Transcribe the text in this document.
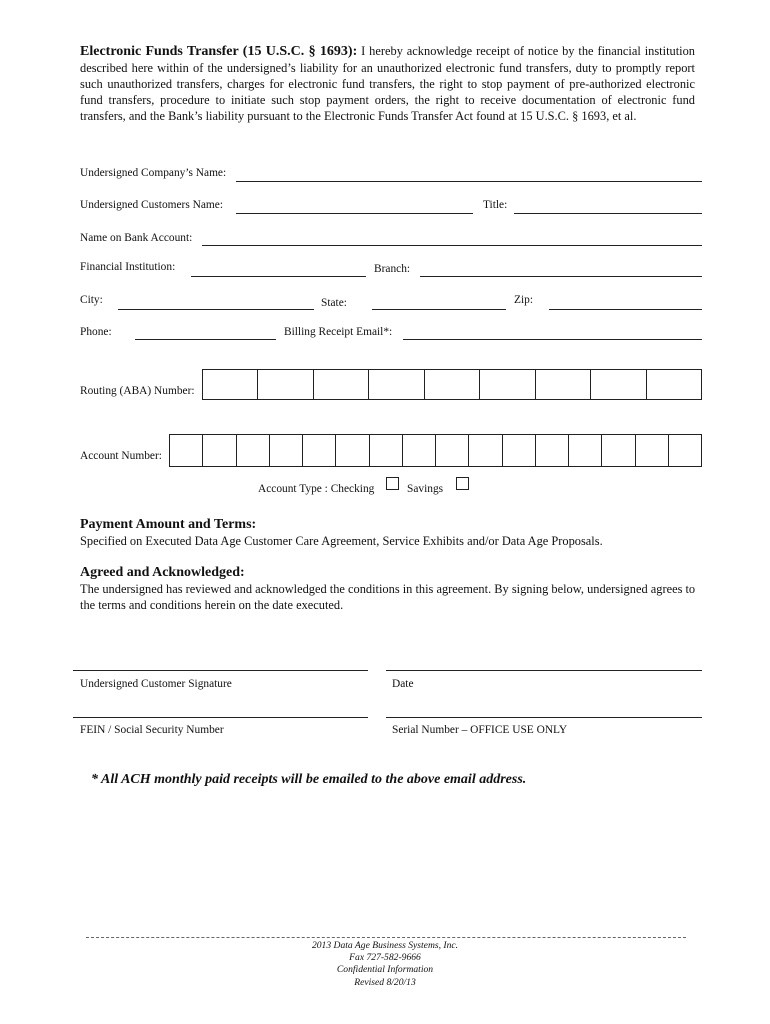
Electronic Funds Transfer (15 U.S.C. § 1693): I hereby acknowledge receipt of notice by the financial institution described here within of the undersigned’s liability for an unauthorized electronic fund transfers, duty to promptly report such unauthorized transfers, charges for electronic fund transfers, the right to stop payment of pre-authorized electronic fund transfers, procedure to initiate such stop payment orders, the right to receive documentation of electronic fund transfers, and the Bank’s liability pursuant to the Electronic Funds Transfer Act found at 15 U.S.C. § 1693, et al.
Undersigned Company’s Name:
Undersigned Customers Name:	Title:
Name on Bank Account:
Financial Institution:	Branch:
City:	State:	Zip:
Phone:	Billing Receipt Email*:
Routing (ABA) Number:
Account Number:
Account Type : Checking	Savings
Payment Amount and Terms:
Specified on Executed Data Age Customer Care Agreement, Service Exhibits and/or Data Age Proposals.
Agreed and Acknowledged:
The undersigned has reviewed and acknowledged the conditions in this agreement. By signing below, undersigned agrees to the terms and conditions herein on the date executed.
Undersigned Customer Signature	Date
FEIN / Social Security Number	Serial Number – OFFICE USE ONLY
* All ACH monthly paid receipts will be emailed to the above email address.
2013 Data Age Business Systems, Inc.
Fax 727-582-9666
Confidential Information
Revised 8/20/13
